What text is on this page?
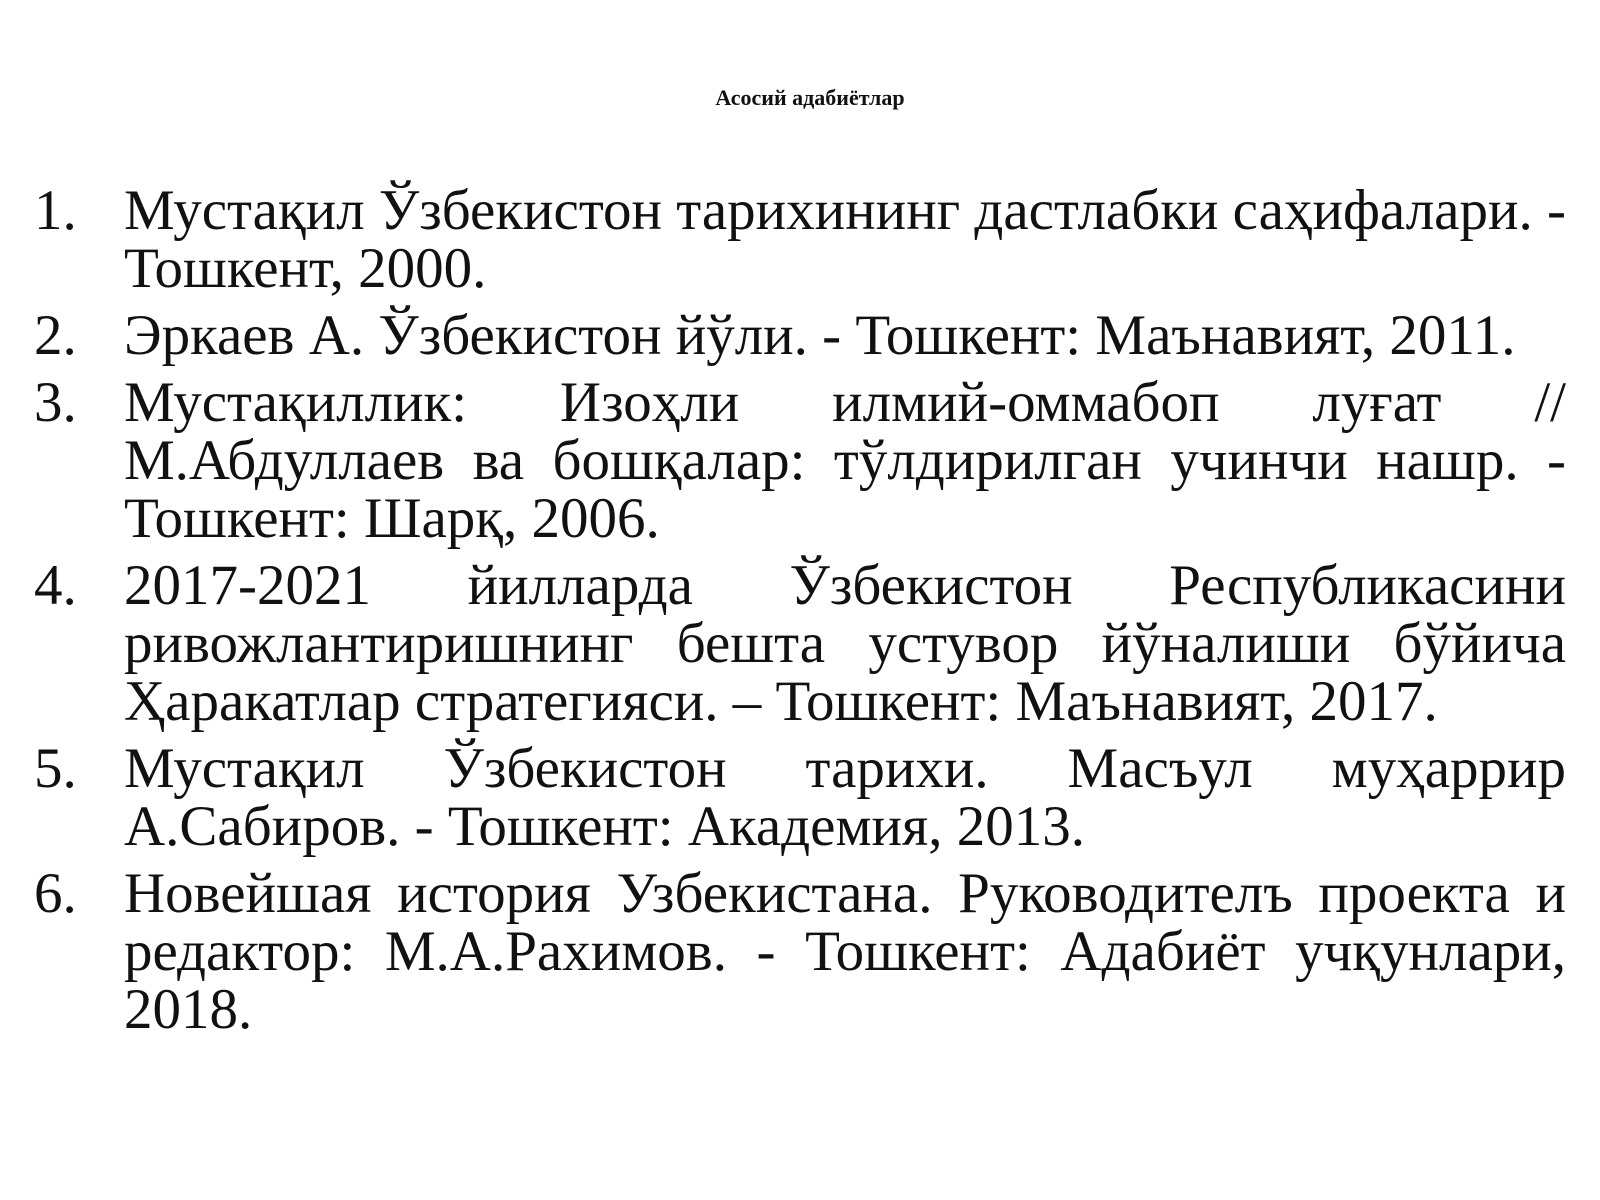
Асосий адабиётлар
1. Мустақил Ўзбекистон тарихининг дастлабки саҳифалари. - Тошкент, 2000.
2. Эркаев А. Ўзбекистон йўли. - Тошкент: Маънавият, 2011.
3. Мустақиллик: Изоҳли илмий-оммабоп луғат // М.Абдуллаев ва бошқалар: тўлдирилган учинчи нашр. - Тошкент: Шарқ, 2006.
4. 2017-2021 йилларда Ўзбекистон Республикасини ривожлантиришнинг бешта устувор йўналиши бўйича Ҳаракатлар стратегияси. – Тошкент: Маънавият, 2017.
5. Мустақил Ўзбекистон тарихи. Масъул муҳаррир А.Сабиров. - Тошкент: Академия, 2013.
6. Новейшая история Узбекистана. Руководителъ проекта и редактор: М.А.Рахимов. - Тошкент: Адабиёт учқунлари, 2018.
